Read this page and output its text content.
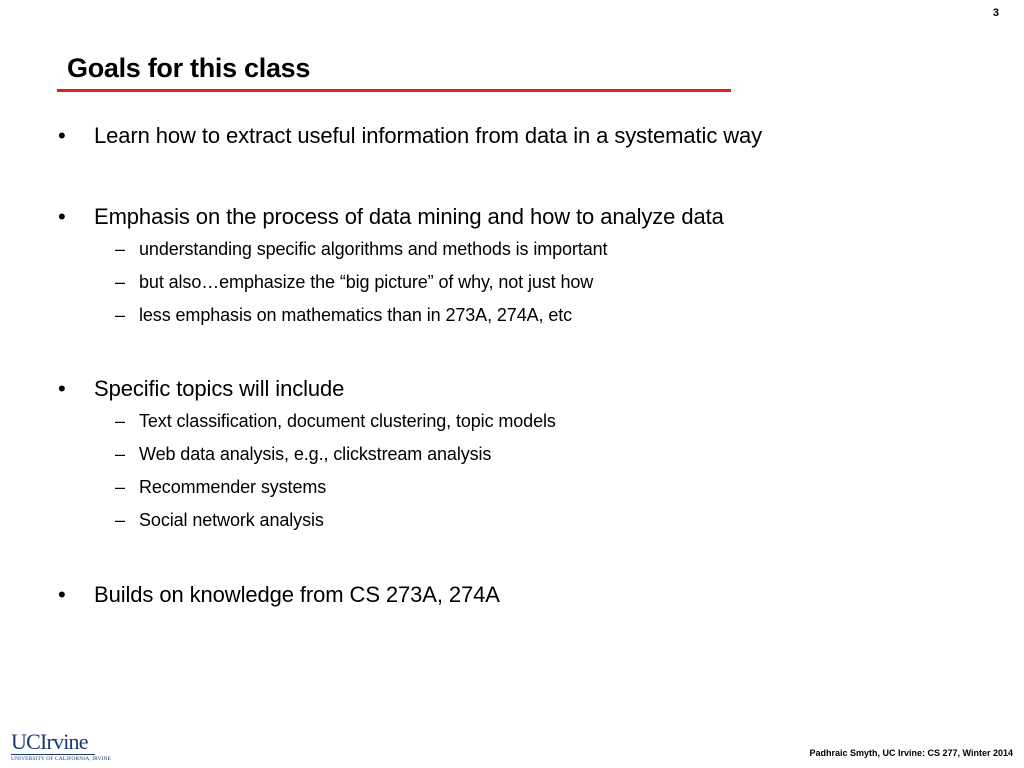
3
Goals for this class
• Learn how to extract useful information from data in a systematic way
• Emphasis on the process of data mining and how to analyze data
– understanding specific algorithms and methods is important
– but also…emphasize the “big picture” of why, not just how
– less emphasis on mathematics than in 273A, 274A, etc
• Specific topics will include
– Text classification, document clustering, topic models
– Web data analysis, e.g., clickstream analysis
– Recommender systems
– Social network analysis
• Builds on knowledge from CS 273A, 274A
UCIrvine
UNIVERSITY OF CALIFORNIA, IRVINE
Padhraic Smyth, UC Irvine: CS 277, Winter 2014
